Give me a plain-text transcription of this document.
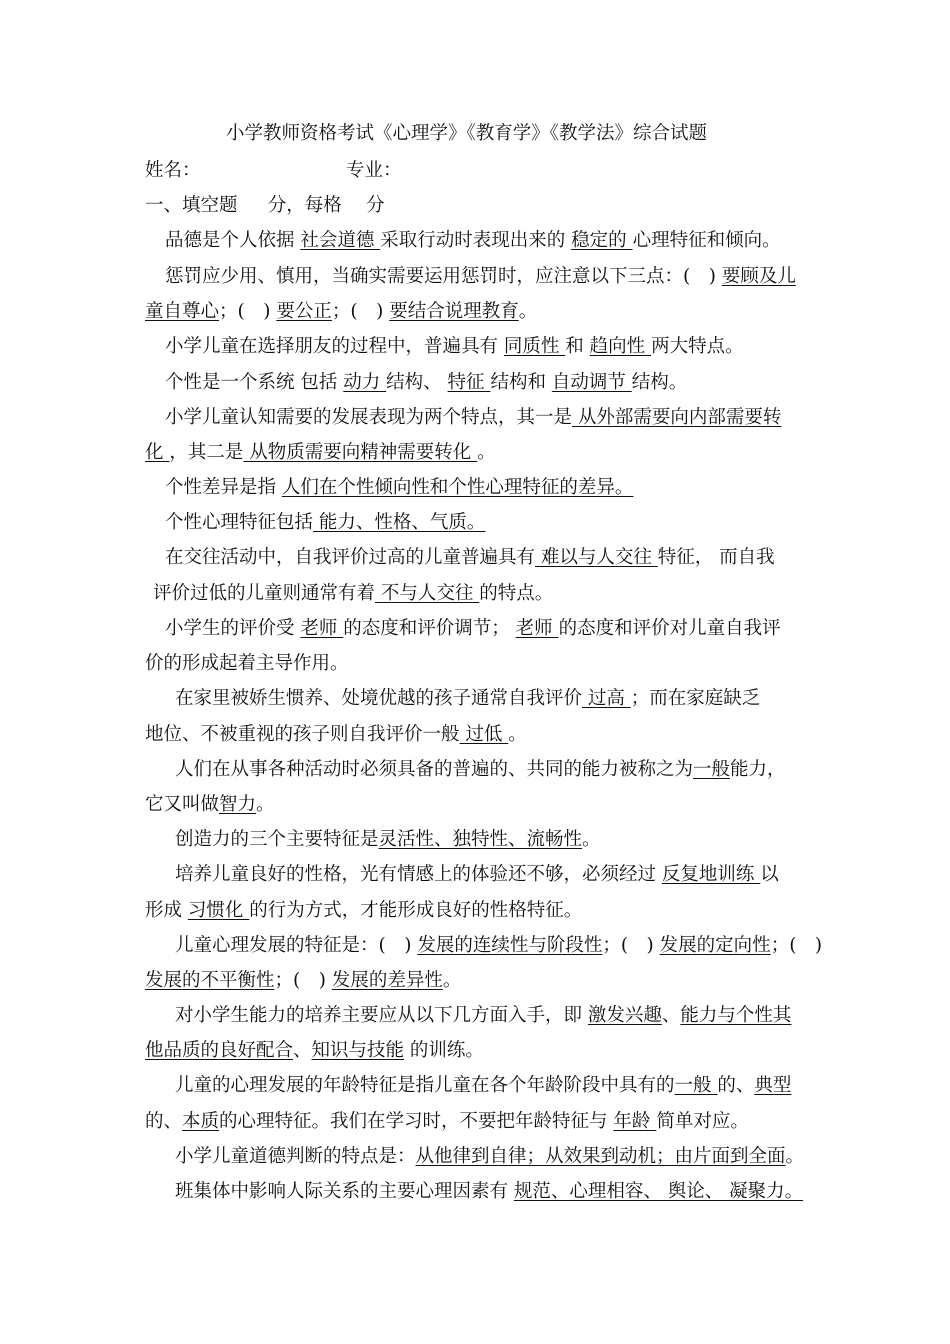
小学教师资格考试《心理学》《教育学》《教学法》综合试题
姓名：	专业：
一、填空题 　 分，每格 　分
品德是个人依据 社会道德 采取行动时表现出来的 稳定的 心理特征和倾向。
惩罚应少用、慎用，当确实需要运用惩罚时，应注意以下三点：(　) 要顾及儿
童自尊心；(　) 要公正；(　) 要结合说理教育。
小学儿童在选择朋友的过程中，普遍具有 同质性 和 趋向性 两大特点。
个性是一个系统 包括 动力 结构、 特征 结构和 自动调节 结构。
小学儿童认知需要的发展表现为两个特点，其一是 从外部需要向内部需要转
化 ，其二是 从物质需要向精神需要转化 。
个性差异是指 人们在个性倾向性和个性心理特征的差异。
个性心理特征包括 能力、性格、气质。
在交往活动中，自我评价过高的儿童普遍具有 难以与人交往 特征， 而自我
评价过低的儿童则通常有着 不与人交往 的特点。
小学生的评价受 老师 的态度和评价调节； 老师 的态度和评价对儿童自我评
价的形成起着主导作用。
在家里被娇生惯养、处境优越的孩子通常自我评价 过高 ；而在家庭缺乏
地位、不被重视的孩子则自我评价一般 过低 。
人们在从事各种活动时必须具备的普遍的、共同的能力被称之为一般能力，
它又叫做智力。
创造力的三个主要特征是灵活性、独特性、流畅性。
培养儿童良好的性格，光有情感上的体验还不够，必须经过 反复地训练 以
形成 习惯化 的行为方式，才能形成良好的性格特征。
儿童心理发展的特征是：(　) 发展的连续性与阶段性；(　) 发展的定向性；(　)
发展的不平衡性；(　) 发展的差异性。
对小学生能力的培养主要应从以下几方面入手，即 激发兴趣、能力与个性其
他品质的良好配合、知识与技能 的训练。
儿童的心理发展的年龄特征是指儿童在各个年龄阶段中具有的一般 的、典型
的、本质的心理特征。我们在学习时，不要把年龄特征与 年龄 简单对应。
小学儿童道德判断的特点是：从他律到自律；从效果到动机；由片面到全面。
班集体中影响人际关系的主要心理因素有 规范、心理相容、 舆论、 凝聚力。
